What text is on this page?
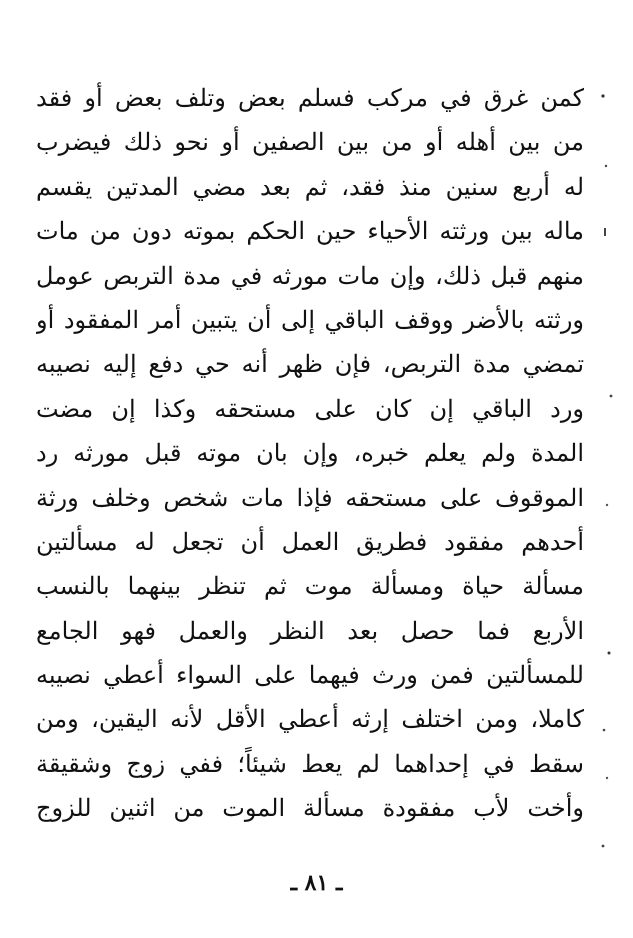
كمن غرق في مركب فسلم بعض وتلف بعض أو فقد
من بين أهله أو من بين الصفين أو نحو ذلك فيضرب
له أربع سنين منذ فقد، ثم بعد مضي المدتين يقسم
ماله بين ورثته الأحياء حين الحكم بموته دون من مات
منهم قبل ذلك، وإن مات مورثه في مدة التربص عومل
ورثته بالأضر ووقف الباقي إلى أن يتبين أمر المفقود أو
تمضي مدة التربص، فإن ظهر أنه حي دفع إليه نصيبه
ورد الباقي إن كان على مستحقه وكذا إن مضت
المدة ولم يعلم خبره، وإن بان موته قبل مورثه رد
الموقوف على مستحقه فإذا مات شخص وخلف ورثة
أحدهم مفقود فطريق العمل أن تجعل له مسألتين
مسألة حياة ومسألة موت ثم تنظر بينهما بالنسب
الأربع فما حصل بعد النظر والعمل فهو الجامع
للمسألتين فمن ورث فيهما على السواء أعطي نصيبه
كاملا، ومن اختلف إرثه أعطي الأقل لأنه اليقين، ومن
سقط في إحداهما لم يعط شيئاً؛ ففي زوج وشقيقة
وأخت لأب مفقودة مسألة الموت من اثنين للزوج
ـ ٨١ ـ
